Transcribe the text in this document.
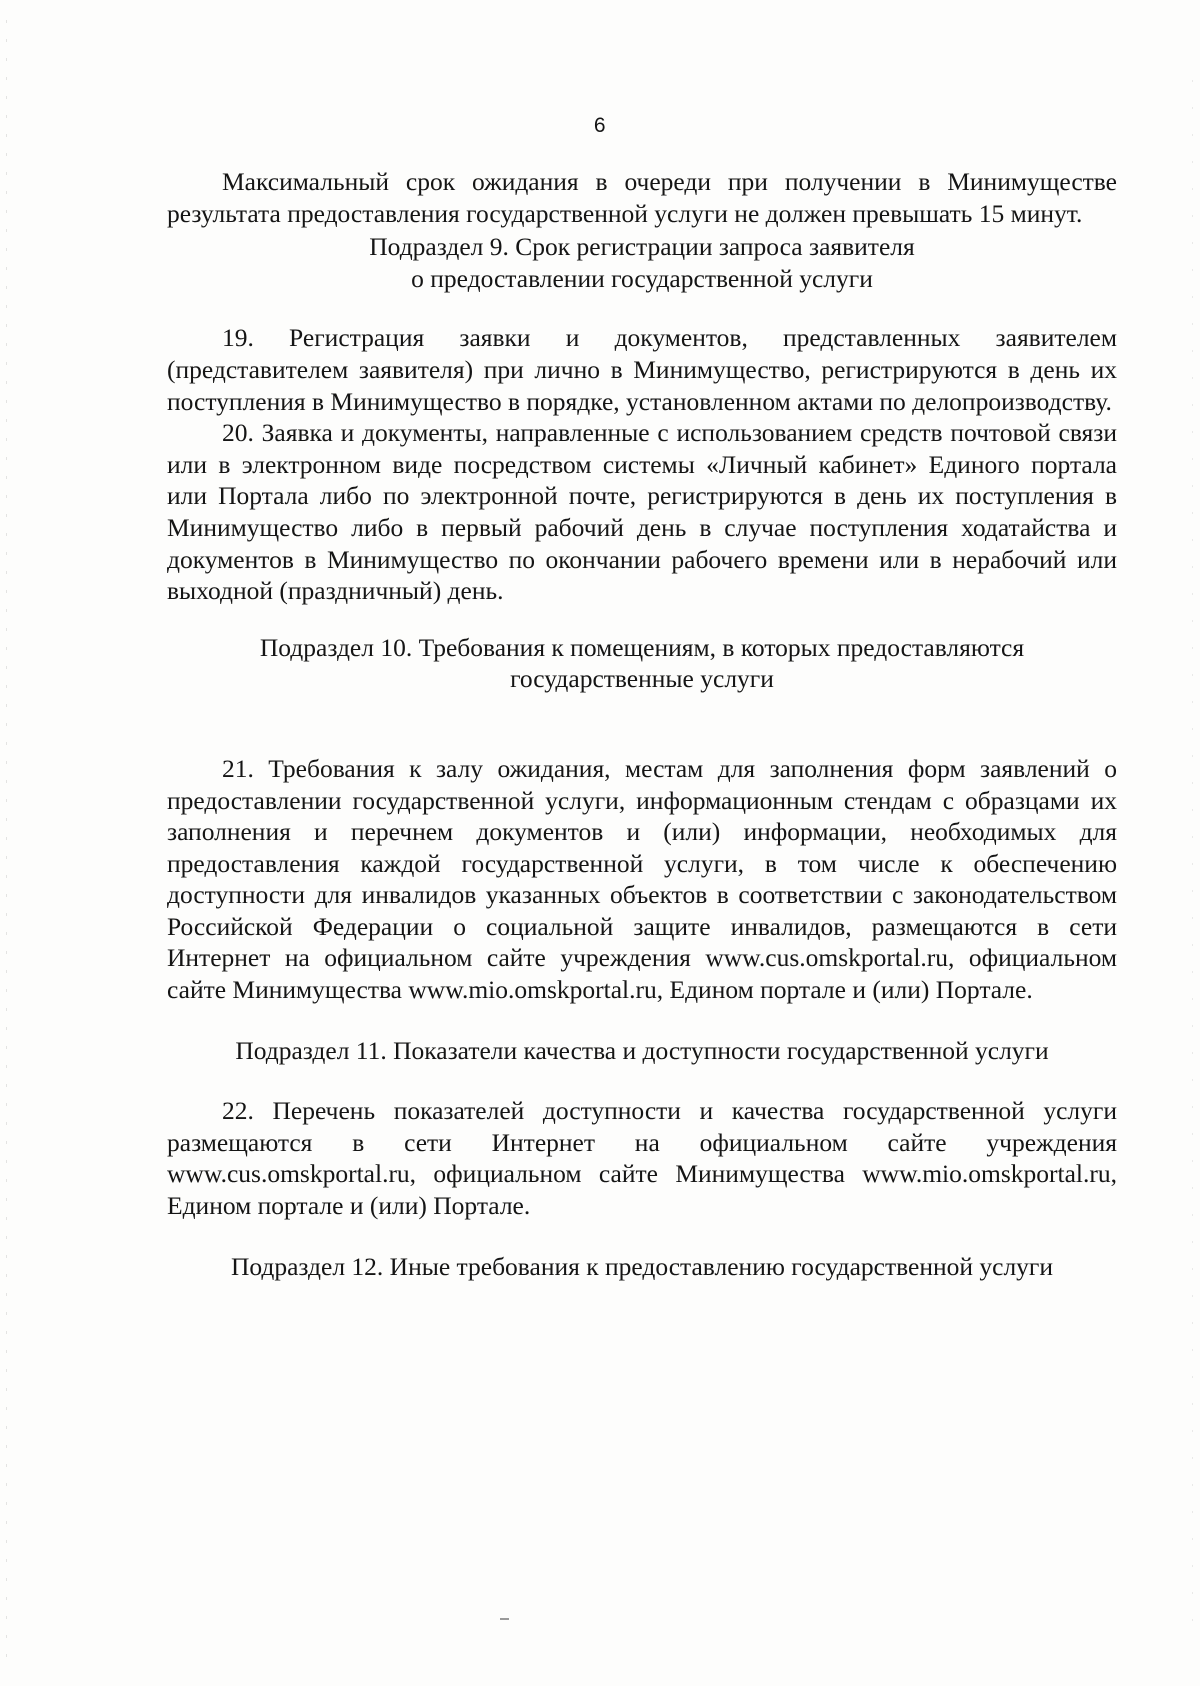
6

Максимальный срок ожидания в очереди при получении в Минимуществе результата предоставления государственной услуги не должен превышать 15 минут.

Подраздел 9. Срок регистрации запроса заявителя
о предоставлении государственной услуги

19. Регистрация заявки и документов, представленных заявителем (представителем заявителя) при лично в Минимущество, регистрируются в день их поступления в Минимущество в порядке, установленном актами по делопроизводству.

20. Заявка и документы, направленные с использованием средств почтовой связи или в электронном виде посредством системы «Личный кабинет» Единого портала или Портала либо по электронной почте, регистрируются в день их поступления в Минимущество либо в первый рабочий день в случае поступления ходатайства и документов в Минимущество по окончании рабочего времени или в нерабочий или выходной (праздничный) день.

Подраздел 10. Требования к помещениям, в которых предоставляются
государственные услуги

21. Требования к залу ожидания, местам для заполнения форм заявлений о предоставлении государственной услуги, информационным стендам с образцами их заполнения и перечнем документов и (или) информации, необходимых для предоставления каждой государственной услуги, в том числе к обеспечению доступности для инвалидов указанных объектов в соответствии с законодательством Российской Федерации о социальной защите инвалидов, размещаются в сети Интернет на официальном сайте учреждения www.cus.omskportal.ru, официальном сайте Минимущества www.mio.omskportal.ru, Едином портале и (или) Портале.

Подраздел 11. Показатели качества и доступности государственной услуги

22. Перечень показателей доступности и качества государственной услуги размещаются в сети Интернет на официальном сайте учреждения www.cus.omskportal.ru, официальном сайте Минимущества www.mio.omskportal.ru, Едином портале и (или) Портале.

Подраздел 12. Иные требования к предоставлению государственной услуги
